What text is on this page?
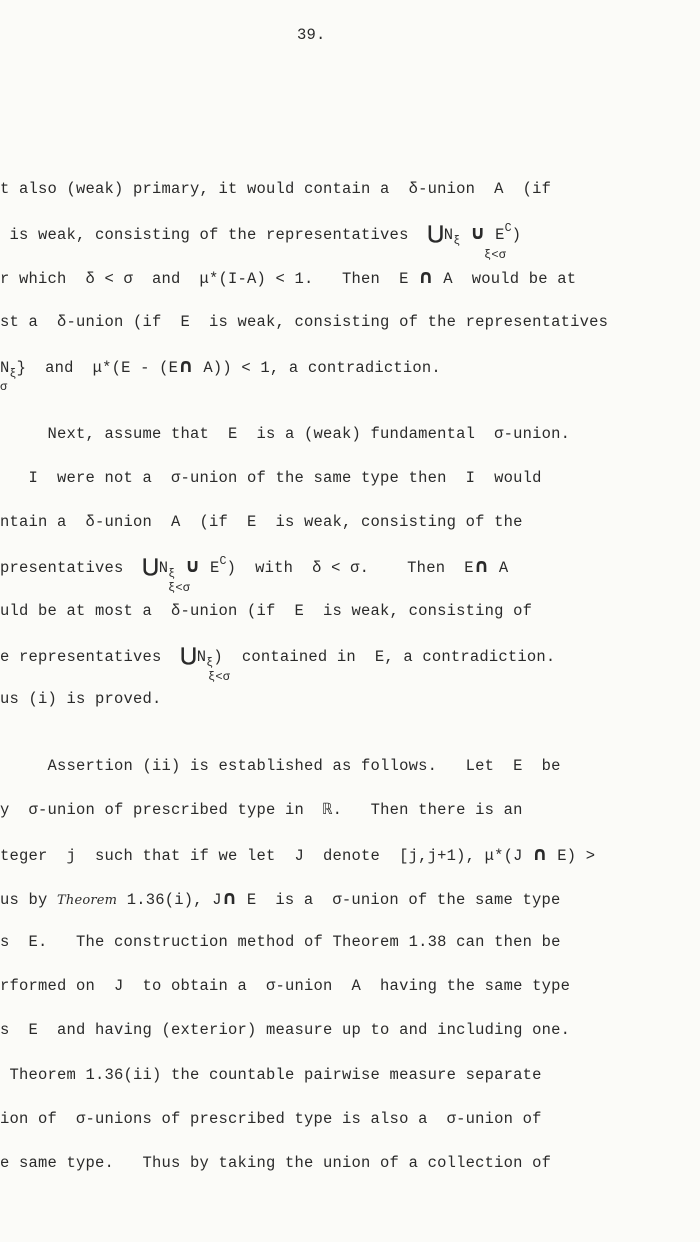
39.
t also (weak) primary, it would contain a  δ-union  A  (if
is weak, consisting of the representatives  $⋃N_\xi$ ∪ $E^C$)
ξ<σ
r which  δ < σ  and  μ*(I-A) < 1.   Then  E ∩ A  would be at
st a  δ-union (if  E  is weak, consisting of the representatives
$N_\xi$}  and  μ*(E - (E∩ A)) < 1, a contradiction.
σ
Next, assume that  E  is a (weak) fundamental  σ-union.
I  were not a  σ-union of the same type then  I  would
ntain a  δ-union  A  (if  E  is weak, consisting of the
presentatives  $⋃N_\xi$ ∪ $E^C$)  with  δ < σ.    Then  E∩ A
ξ<σ
uld be at most a  δ-union (if  E  is weak, consisting of
e representatives  $⋃N_\xi$)  contained in  E, a contradiction.
ξ<σ
us (i) is proved.
Assertion (ii) is established as follows.   Let  E  be
y  σ-union of prescribed type in  ℝ.   Then there is an
teger  j  such that if we let  J  denote  [j,j+1), μ*(J ∩ E) >
us by Theorem 1.36(i), J∩ E  is a  σ-union of the same type
s  E.   The construction method of Theorem 1.38 can then be
rformed on  J  to obtain a  σ-union  A  having the same type
s  E  and having (exterior) measure up to and including one.
Theorem 1.36(ii) the countable pairwise measure separate
ion of  σ-unions of prescribed type is also a  σ-union of
e same type.   Thus by taking the union of a collection of
